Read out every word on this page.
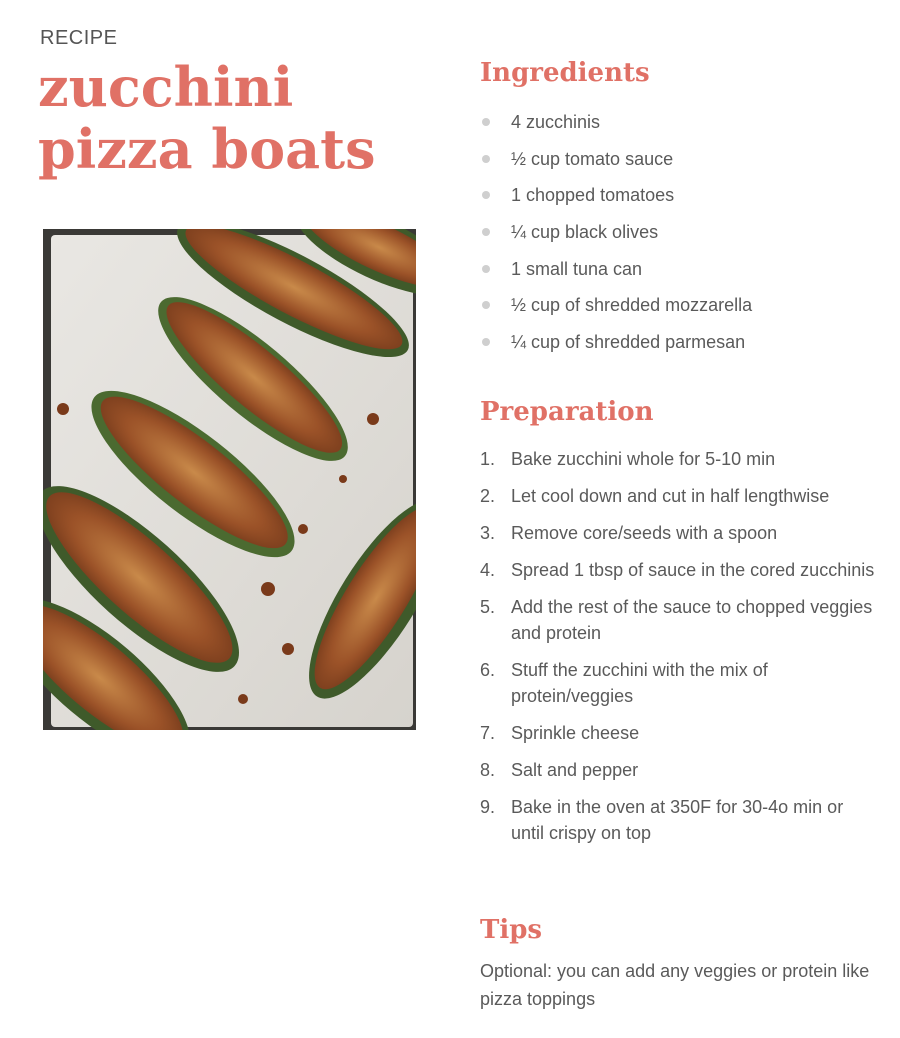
RECIPE
zucchini pizza boats
Ingredients
4 zucchinis
½ cup tomato sauce
1 chopped tomatoes
¼ cup black olives
1 small tuna can
½ cup of shredded mozzarella
¼ cup of shredded parmesan
Preparation
1. Bake zucchini whole for 5-10 min
2. Let cool down and cut in half lengthwise
3. Remove core/seeds with a spoon
4. Spread 1 tbsp of sauce in the cored zucchinis
5. Add the rest of the sauce to chopped veggies and protein
6. Stuff the zucchini with the mix of protein/veggies
7. Sprinkle cheese
8. Salt and pepper
9. Bake in the oven at 350F for 30-4o min or until crispy on top
Tips

Optional: you can add any veggies or protein like pizza toppings
